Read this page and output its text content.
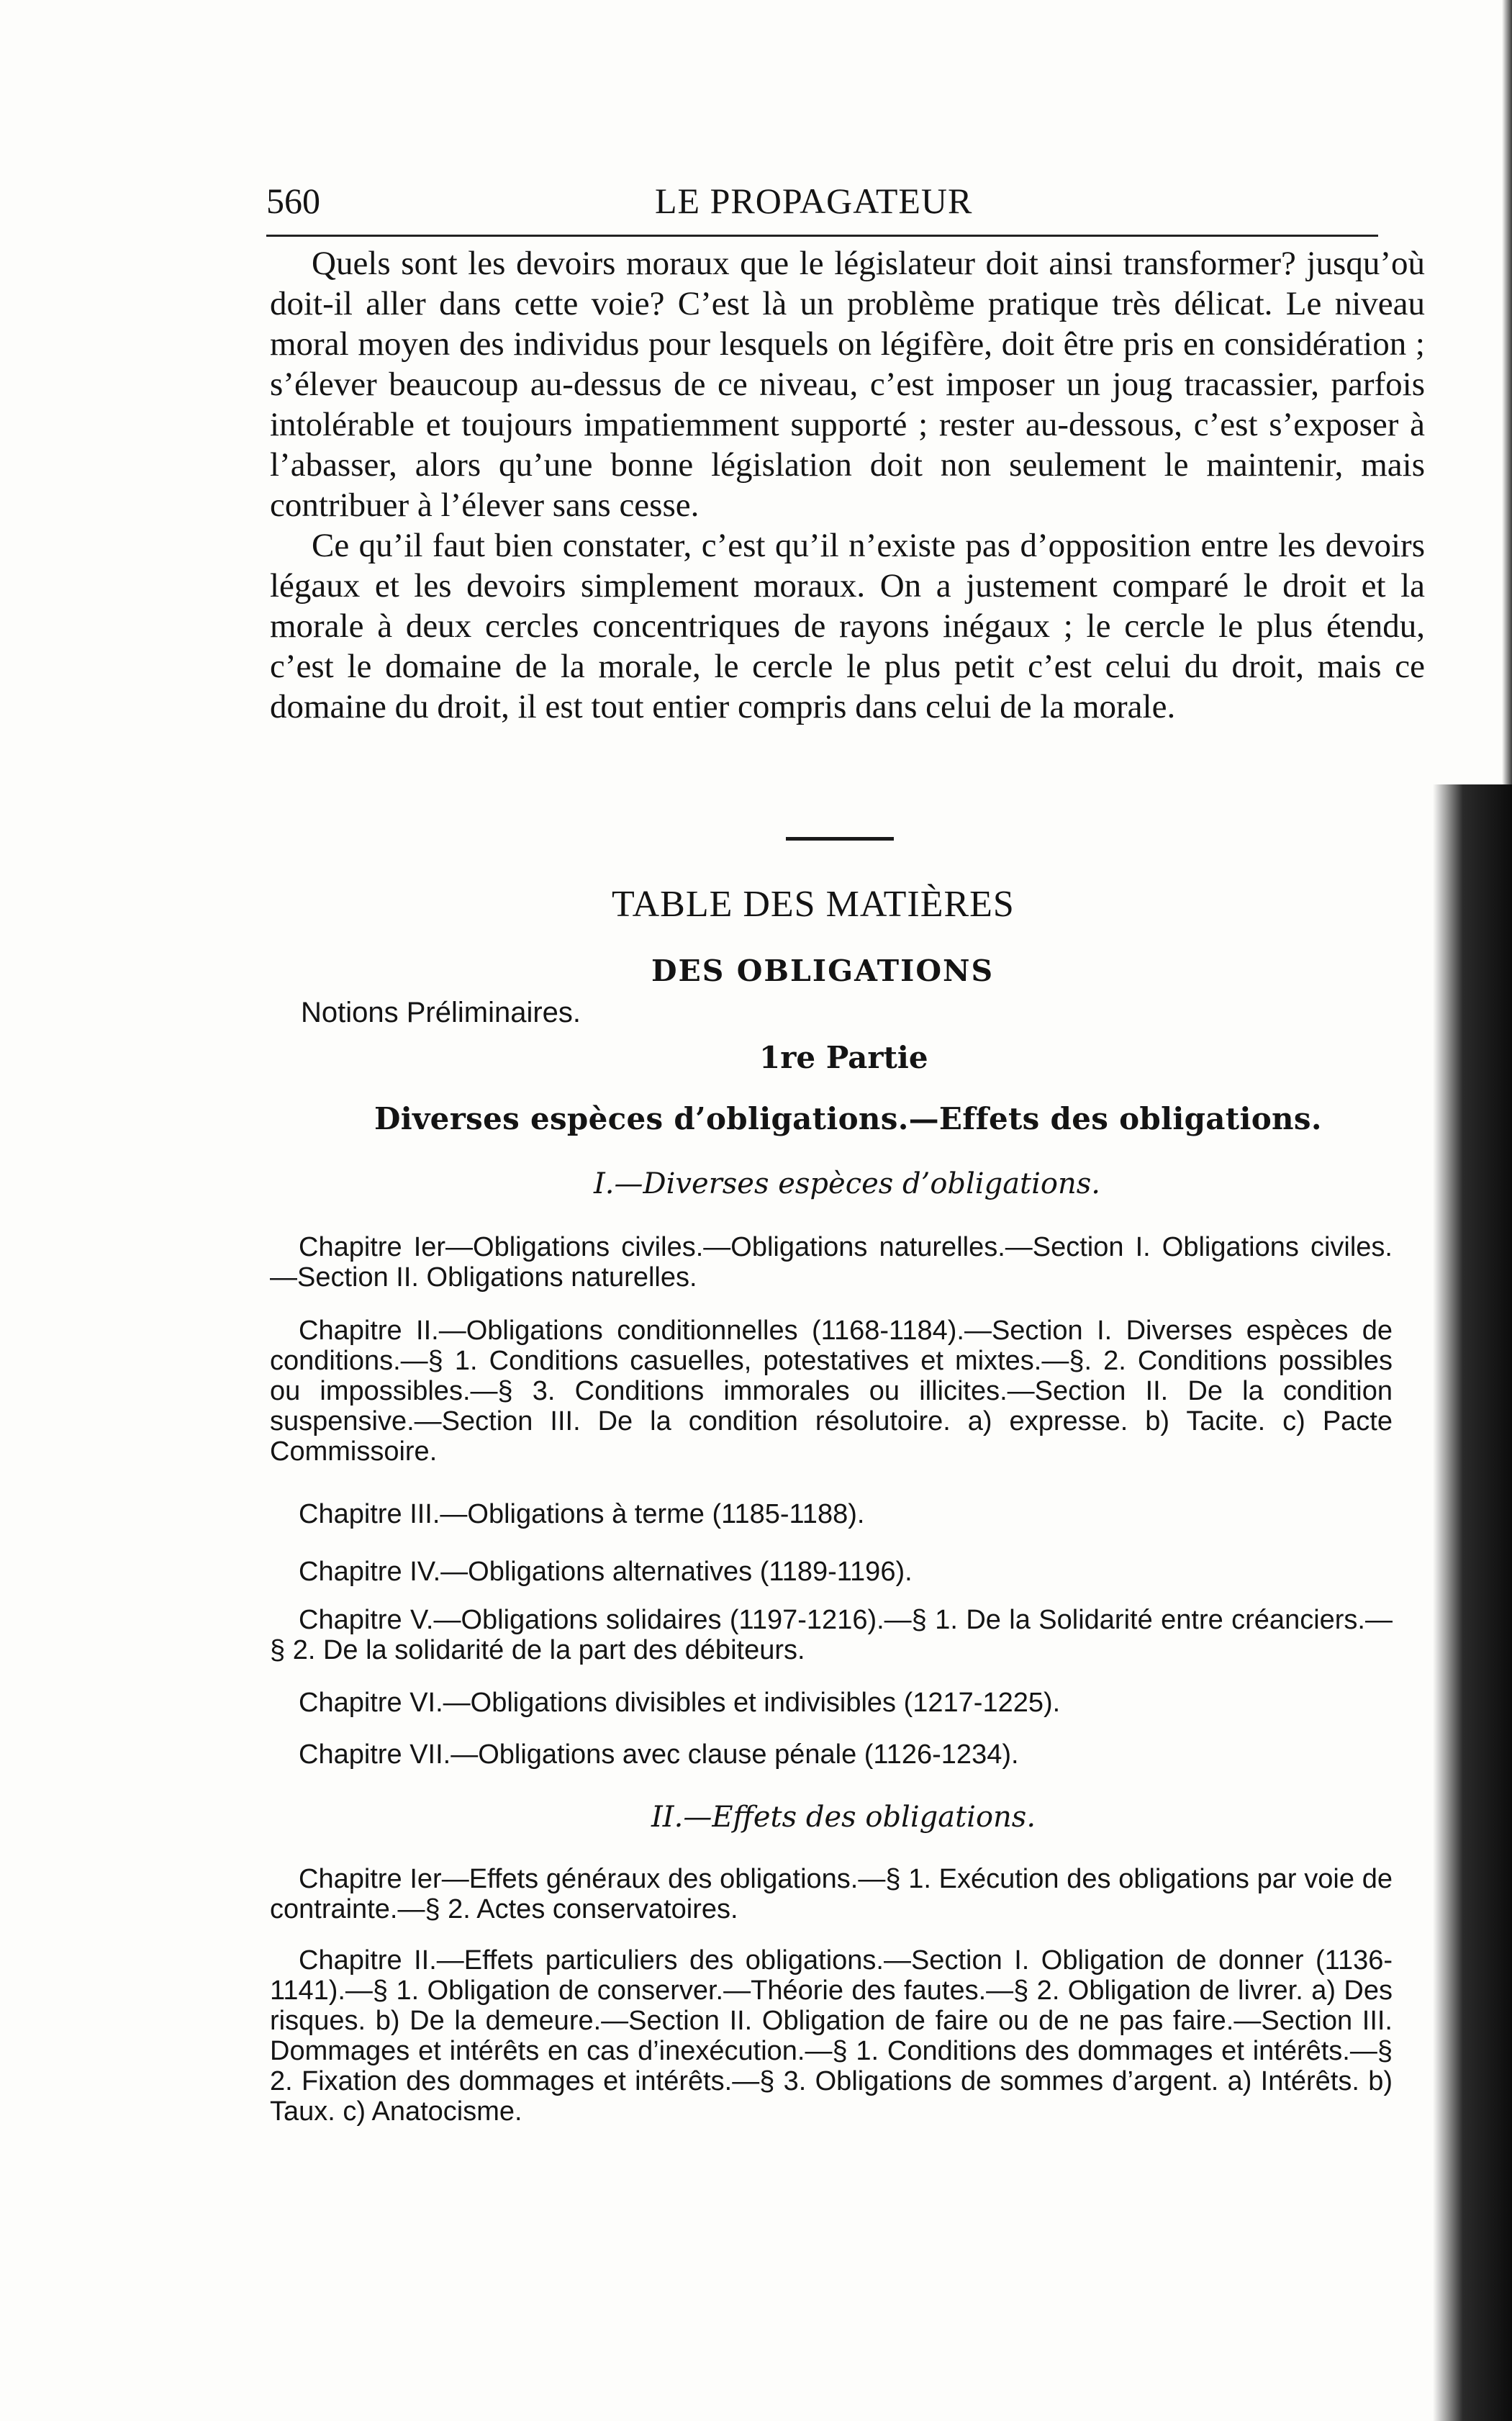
560	LE PROPAGATEUR

Quels sont les devoirs moraux que le législateur doit ainsi transformer? jusqu’où doit-il aller dans cette voie? C’est là un problème pratique très délicat. Le niveau moral moyen des individus pour lesquels on légifère, doit être pris en considération ; s’élever beaucoup au-dessus de ce niveau, c’est imposer un joug tracassier, parfois intolérable et toujours impatiemment supporté ; rester au-dessous, c’est s’exposer à l’abasser, alors qu’une bonne législation doit non seulement le maintenir, mais contribuer à l’élever sans cesse.

Ce qu’il faut bien constater, c’est qu’il n’existe pas d’opposition entre les devoirs légaux et les devoirs simplement moraux. On a justement comparé le droit et la morale à deux cercles concentriques de rayons inégaux ; le cercle le plus étendu, c’est le domaine de la morale, le cercle le plus petit c’est celui du droit, mais ce domaine du droit, il est tout entier compris dans celui de la morale.

TABLE DES MATIÈRES
DES OBLIGATIONS
Notions Préliminaires.
1re Partie
Diverses espèces d’obligations.—Effets des obligations.
I.—Diverses espèces d’obligations.

Chapitre Ier—Obligations civiles.—Obligations naturelles.—Section I. Obligations civiles.—Section II. Obligations naturelles.

Chapitre II.—Obligations conditionnelles (1168-1184).—Section I. Diverses espèces de conditions.—§ 1. Conditions casuelles, potestatives et mixtes.—§. 2. Conditions possibles ou impossibles.—§ 3. Conditions immorales ou illicites.—Section II. De la condition suspensive.—Section III. De la condition résolutoire. a) expresse. b) Tacite. c) Pacte Commissoire.

Chapitre III.—Obligations à terme (1185-1188).

Chapitre IV.—Obligations alternatives (1189-1196).

Chapitre V.—Obligations solidaires (1197-1216).—§ 1. De la Solidarité entre créanciers.—§ 2. De la solidarité de la part des débiteurs.

Chapitre VI.—Obligations divisibles et indivisibles (1217-1225).

Chapitre VII.—Obligations avec clause pénale (1126-1234).

II.—Effets des obligations.

Chapitre Ier—Effets généraux des obligations.—§ 1. Exécution des obligations par voie de contrainte.—§ 2. Actes conservatoires.

Chapitre II.—Effets particuliers des obligations.—Section I. Obligation de donner (1136-1141).—§ 1. Obligation de conserver.—Théorie des fautes.—§ 2. Obligation de livrer. a) Des risques. b) De la demeure.—Section II. Obligation de faire ou de ne pas faire.—Section III. Dommages et intérêts en cas d’inexécution.—§ 1. Conditions des dommages et intérêts.—§ 2. Fixation des dommages et intérêts.—§ 3. Obligations de sommes d’argent. a) Intérêts. b) Taux. c) Anatocisme.
